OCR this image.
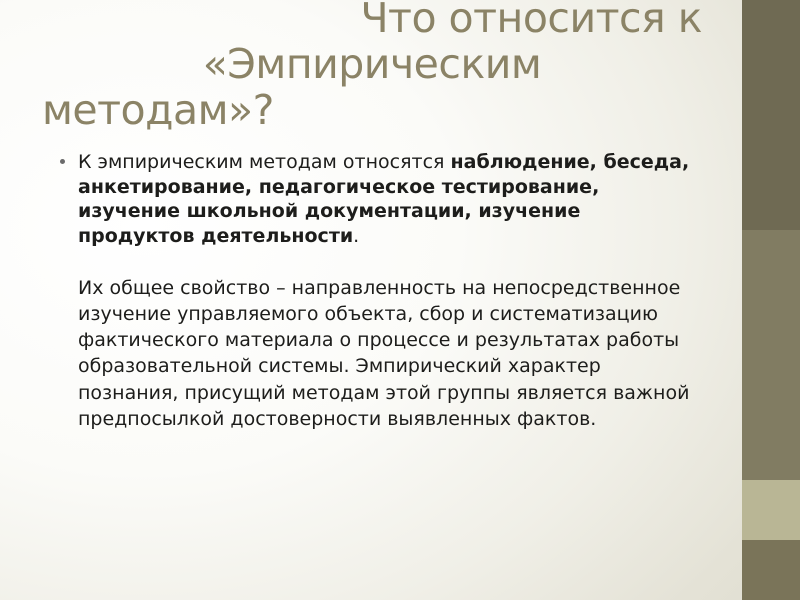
Что относится к
«Эмпирическим
методам»?

К эмпирическим методам относятся наблюдение, беседа, анкетирование, педагогическое тестирование, изучение школьной документации, изучение продуктов деятельности.

Их общее свойство – направленность на непосредственное изучение управляемого объекта, сбор и систематизацию фактического материала о процессе и результатах работы образовательной системы. Эмпирический характер познания, присущий методам этой группы является важной предпосылкой достоверности выявленных фактов.
